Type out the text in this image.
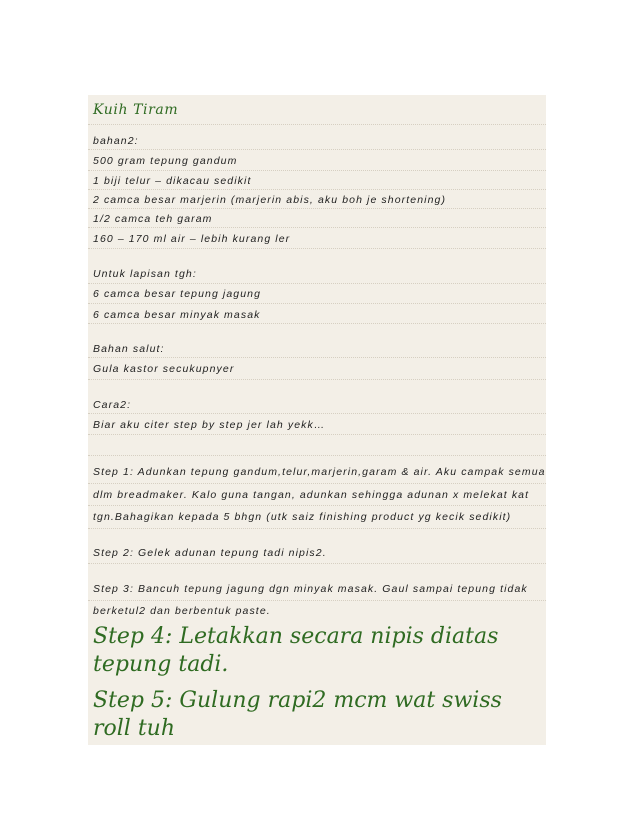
Kuih Tiram
bahan2:
500 gram tepung gandum
1 biji telur – dikacau sedikit
2 camca besar marjerin (marjerin abis, aku boh je shortening)
1/2 camca teh garam
160 – 170 ml air – lebih kurang ler
Untuk lapisan tgh:
6 camca besar tepung jagung
6 camca besar minyak masak
Bahan salut:
Gula kastor secukupnyer
Cara2:
Biar aku citer step by step jer lah yekk…
Step 1: Adunkan tepung gandum,telur,marjerin,garam & air. Aku campak semua
dlm breadmaker. Kalo guna tangan, adunkan sehingga adunan x melekat kat
tgn.Bahagikan kepada 5 bhgn (utk saiz finishing product yg kecik sedikit)
Step 2: Gelek adunan tepung tadi nipis2.
Step 3: Bancuh tepung jagung dgn minyak masak. Gaul sampai tepung tidak
berketul2 dan berbentuk paste.
Step 4: Letakkan secara nipis diatas
tepung tadi.
Step 5: Gulung rapi2 mcm wat swiss
roll tuh
